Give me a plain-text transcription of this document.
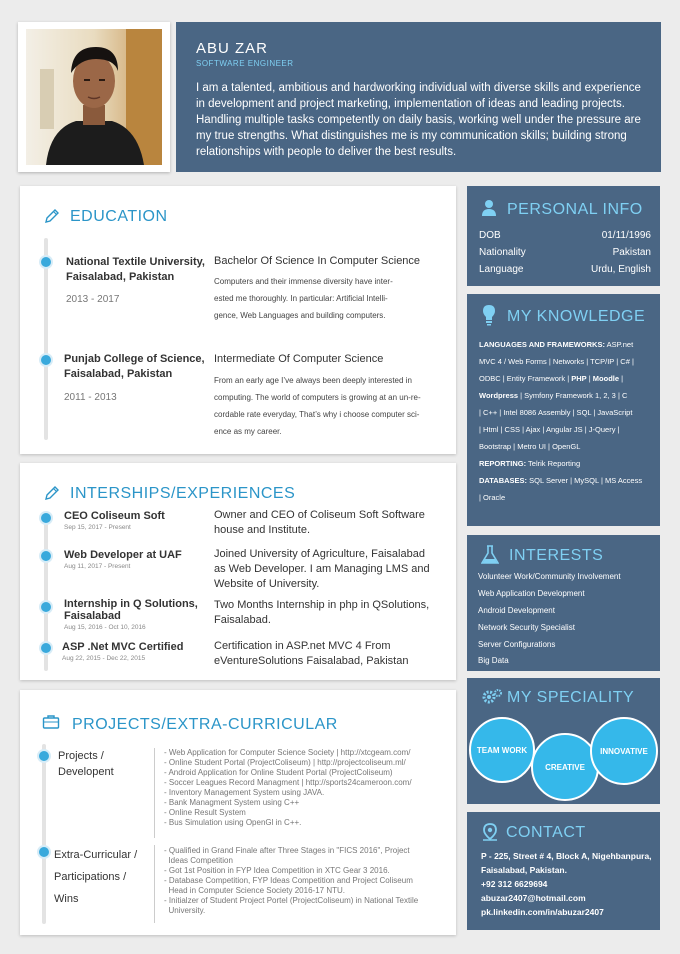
ABU ZAR
SOFTWARE ENGINEER
I am a talented, ambitious and hardworking individual with diverse skills and experience in development and project marketing, implementation of ideas and leading projects. Handling multiple tasks competently on daily basis, working well under the pressure are my true strengths. What distinguishes me is my communication skills; building strong relationships with people to deliver the best results.
EDUCATION
National Textile University,
Faisalabad, Pakistan
2013 - 2017
Bachelor Of Science In Computer Science
Computers and their immense diversity have inter-
ested me thoroughly. In particular: Artificial Intelli-
gence, Web Languages and building computers.
Punjab College of Science,
Faisalabad, Pakistan
2011 - 2013
Intermediate Of Computer Science
From an early age I’ve always been deeply interested in
computing. The world of computers is growing at an un-re-
cordable rate everyday, That’s why i choose computer sci-
ence as my career.
INTERSHIPS/EXPERIENCES
CEO Coliseum Soft
Sep 15, 2017 - Present
Owner and CEO of Coliseum Soft Software
house and Institute.
Web Developer at UAF
Aug 11, 2017 - Present
Joined University of Agriculture, Faisalabad
as Web Developer. I am Managing LMS and
Website of University.
Internship in Q Solutions,
Faisalabad
Aug 15, 2016 - Oct 10, 2016
Two Months Internship in php in QSolutions,
Faisalabad.
ASP .Net MVC Certified
Aug 22, 2015 - Dec 22, 2015
Certification in ASP.net MVC 4 From
eVentureSolutions Faisalabad, Pakistan
PROJECTS/EXTRA-CURRICULAR
Projects /
Developent
- Web Application for Computer Science Society | http://xtcgeam.com/
- Online Student Portal (ProjectColiseum) | http://projectcoliseum.ml/
- Android Application for Online Student Portal (ProjectColiseum)
- Soccer Leagues Record Managment | http://sports24cameroon.com/
- Inventory Management System using JAVA.
- Bank Managment System using C++
- Online Result System
- Bus Simulation using OpenGl in C++.
Extra-Curricular /
Participations /
Wins
- Qualified in Grand Finale after Three Stages in "FICS 2016", Project
Ideas Competition
- Got 1st Position in FYP Idea Competition in XTC Gear 3 2016.
- Database Competition, FYP Ideas Competition and Project Coliseum
Head in Computer Science Society 2016-17 NTU.
- Initialzer of Student Project Portel (ProjectColiseum) in National Textile
University.
PERSONAL INFO
DOB	01/11/1996
Nationality	Pakistan
Language	Urdu, English
MY KNOWLEDGE
LANGUAGES AND FRAMEWORKS: ASP.net
MVC 4 / Web Forms | Networks | TCP/IP | C# |
ODBC | Entity Framework | PHP | Moodle |
Wordpress | Symfony Framework 1, 2, 3 | C
| C++ | Intel 8086 Assembly | SQL | JavaScript
| Html | CSS | Ajax | Angular JS | J-Query |
Bootstrap | Metro UI | OpenGL
REPORTING: Telrik Reporting
DATABASES: SQL Server | MySQL | MS Access
| Oracle
INTERESTS
Volunteer Work/Community Involvement
Web Application Development
Android Development
Network Security Specialist
Server Configurations
Big Data
MY SPECIALITY
TEAM WORK
CREATIVE
INNOVATIVE
CONTACT
P - 225, Street # 4, Block A, Nigehbanpura,
Faisalabad, Pakistan.
+92 312 6629694
abuzar2407@hotmail.com
pk.linkedin.com/in/abuzar2407
